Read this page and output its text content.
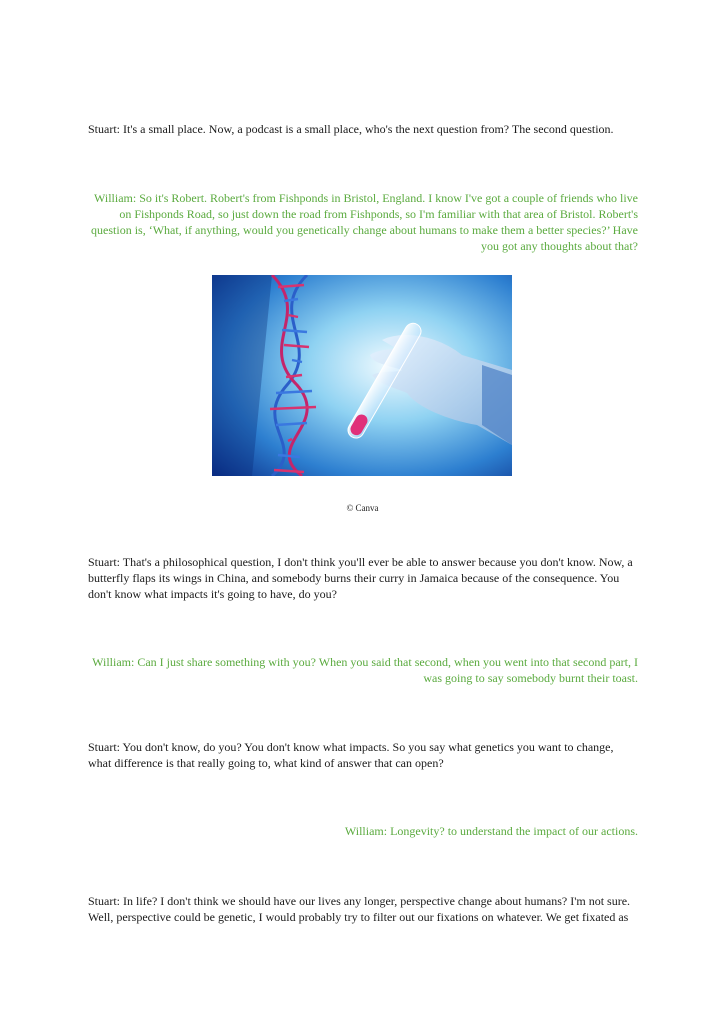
Stuart: It's a small place. Now, a podcast is a small place, who's the next question from? The second question.
William: So it's Robert. Robert's from Fishponds in Bristol, England. I know I've got a couple of friends who live on Fishponds Road, so just down the road from Fishponds, so I'm familiar with that area of Bristol. Robert's question is, ‘What, if anything, would you genetically change about humans to make them a better species?’ Have you got any thoughts about that?
© Canva
Stuart: That's a philosophical question, I don't think you'll ever be able to answer because you don't know. Now, a butterfly flaps its wings in China, and somebody burns their curry in Jamaica because of the consequence. You don't know what impacts it's going to have, do you?
William: Can I just share something with you? When you said that second, when you went into that second part, I was going to say somebody burnt their toast.
Stuart: You don't know, do you? You don't know what impacts. So you say what genetics you want to change, what difference is that really going to, what kind of answer that can open?
William: Longevity? to understand the impact of our actions.
Stuart: In life? I don't think we should have our lives any longer, perspective change about humans? I'm not sure. Well, perspective could be genetic, I would probably try to filter out our fixations on whatever. We get fixated as
